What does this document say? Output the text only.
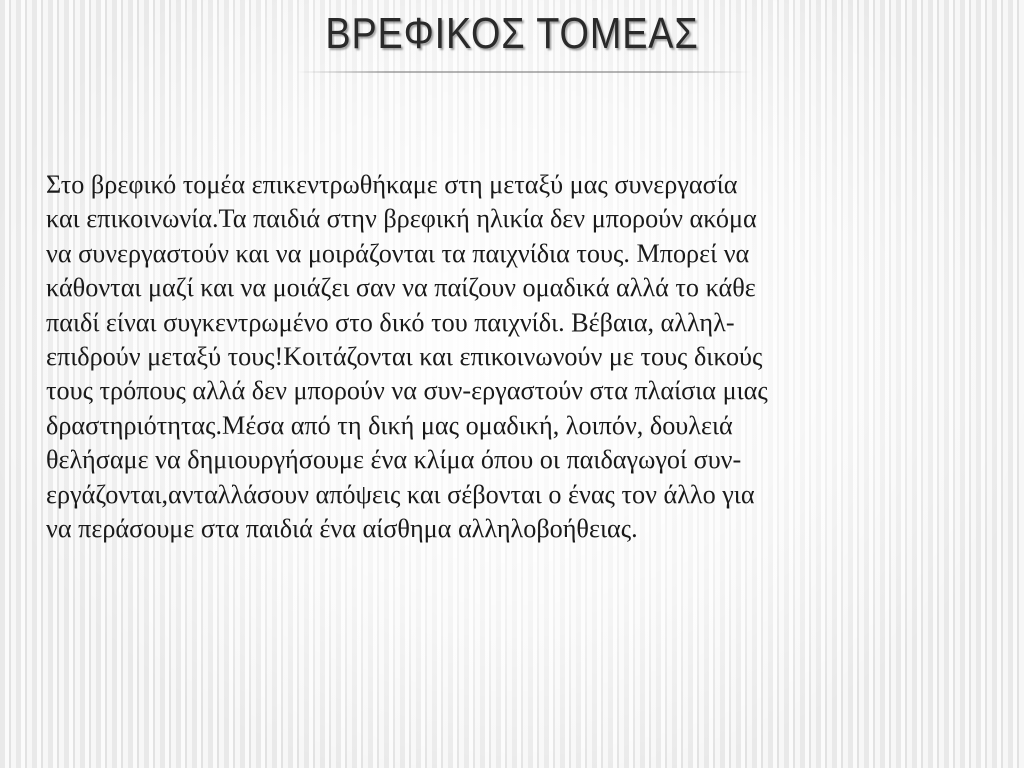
ΒΡΕΦΙΚΟΣ ΤΟΜΕΑΣ

Στο βρεφικό τομέα επικεντρωθήκαμε στη μεταξύ μας συνεργασία
και επικοινωνία.Τα παιδιά στην βρεφική ηλικία δεν μπορούν ακόμα
να συνεργαστούν και να μοιράζονται τα παιχνίδια τους. Μπορεί να
κάθονται μαζί και να μοιάζει σαν να παίζουν ομαδικά αλλά το κάθε
παιδί είναι συγκεντρωμένο στο δικό του παιχνίδι. Βέβαια, αλληλ-
επιδρούν μεταξύ τους!Κοιτάζονται και επικοινωνούν με τους δικούς
τους τρόπους αλλά δεν μπορούν να συν-εργαστούν στα πλαίσια μιας
δραστηριότητας.Μέσα από τη δική μας ομαδική, λοιπόν, δουλειά
θελήσαμε να δημιουργήσουμε ένα κλίμα όπου οι παιδαγωγοί συν-
εργάζονται,ανταλλάσουν απόψεις και σέβονται ο ένας τον άλλο για
να περάσουμε στα παιδιά ένα αίσθημα αλληλοβοήθειας.
